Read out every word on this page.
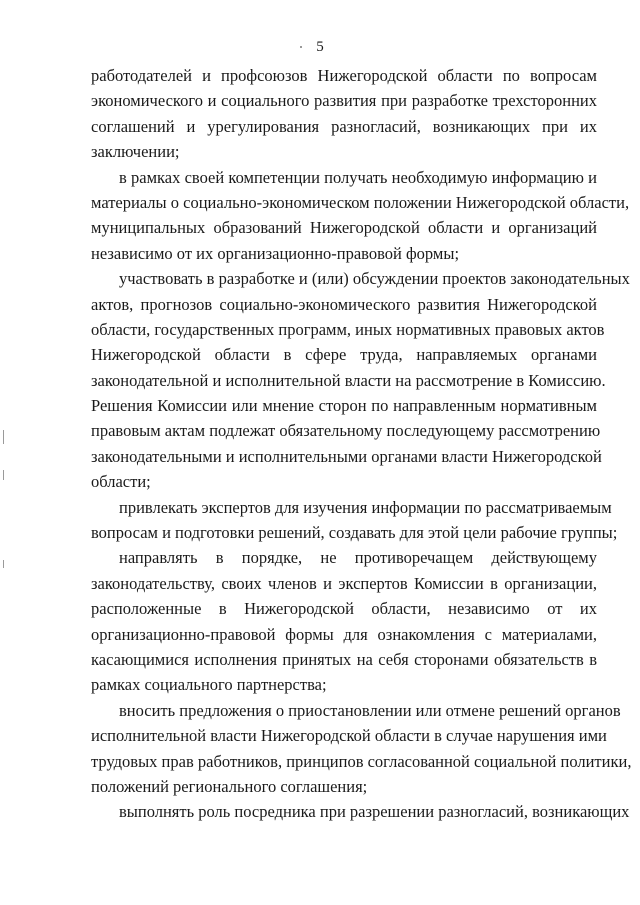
5
работодателей и профсоюзов Нижегородской области по вопросам
экономического и социального развития при разработке трехсторонних
соглашений и урегулирования разногласий, возникающих при их
заключении;
в рамках своей компетенции получать необходимую информацию и
материалы о социально-экономическом положении Нижегородской области,
муниципальных образований Нижегородской области и организаций
независимо от их организационно-правовой формы;
участвовать в разработке и (или) обсуждении проектов законодательных
актов, прогнозов социально-экономического развития Нижегородской
области, государственных программ, иных нормативных правовых актов
Нижегородской области в сфере труда, направляемых органами
законодательной и исполнительной власти на рассмотрение в Комиссию.
Решения Комиссии или мнение сторон по направленным нормативным
правовым актам подлежат обязательному последующему рассмотрению
законодательными и исполнительными органами власти Нижегородской
области;
привлекать экспертов для изучения информации по рассматриваемым
вопросам и подготовки решений, создавать для этой цели рабочие группы;
направлять в порядке, не противоречащем действующему
законодательству, своих членов и экспертов Комиссии в организации,
расположенные в Нижегородской области, независимо от их
организационно-правовой формы для ознакомления с материалами,
касающимися исполнения принятых на себя сторонами обязательств в
рамках социального партнерства;
вносить предложения о приостановлении или отмене решений органов
исполнительной власти Нижегородской области в случае нарушения ими
трудовых прав работников, принципов согласованной социальной политики,
положений регионального соглашения;
выполнять роль посредника при разрешении разногласий, возникающих
